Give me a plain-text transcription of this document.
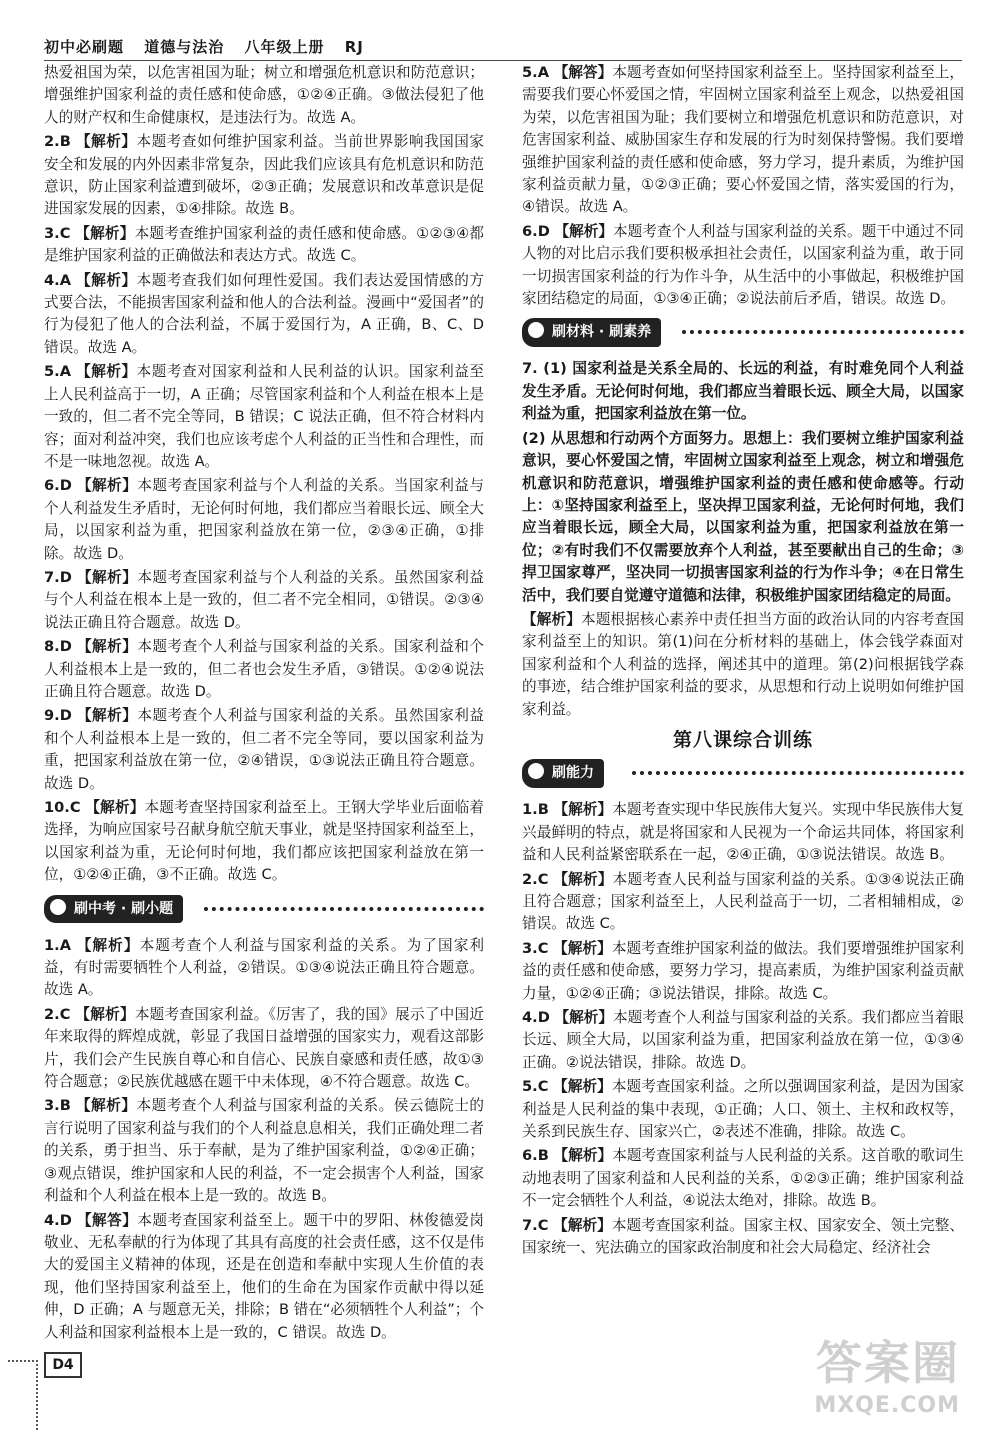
初中必刷题 道德与法治 八年级上册 RJ
热爱祖国为荣，以危害祖国为耻；树立和增强危机意识和防范意识；增强维护国家利益的责任感和使命感，①②④正确。③做法侵犯了他人的财产权和生命健康权，是违法行为。故选 A。
2.B 【解析】本题考查如何维护国家利益。当前世界影响我国国家安全和发展的内外因素非常复杂，因此我们应该具有危机意识和防范意识，防止国家利益遭到破坏，②③正确；发展意识和改革意识是促进国家发展的因素，①④排除。故选 B。
3.C 【解析】本题考查维护国家利益的责任感和使命感。①②③④都是维护国家利益的正确做法和表达方式。故选 C。
4.A 【解析】本题考查我们如何理性爱国。我们表达爱国情感的方式要合法，不能损害国家利益和他人的合法利益。漫画中“爱国者”的行为侵犯了他人的合法利益，不属于爱国行为，A 正确，B、C、D 错误。故选 A。
5.A 【解析】本题考查对国家利益和人民利益的认识。国家利益至上人民利益高于一切，A 正确；尽管国家利益和个人利益在根本上是一致的，但二者不完全等同，B 错误；C 说法正确，但不符合材料内容；面对利益冲突，我们也应该考虑个人利益的正当性和合理性，而不是一味地忽视。故选 A。
6.D 【解析】本题考查国家利益与个人利益的关系。当国家利益与个人利益发生矛盾时，无论何时何地，我们都应当着眼长远、顾全大局，以国家利益为重，把国家利益放在第一位，②③④正确，①排除。故选 D。
7.D 【解析】本题考查国家利益与个人利益的关系。虽然国家利益与个人利益在根本上是一致的，但二者不完全相同，①错误。②③④说法正确且符合题意。故选 D。
8.D 【解析】本题考查个人利益与国家利益的关系。国家利益和个人利益根本上是一致的，但二者也会发生矛盾，③错误。①②④说法正确且符合题意。故选 D。
9.D 【解析】本题考查个人利益与国家利益的关系。虽然国家利益和个人利益根本上是一致的，但二者不完全等同，要以国家利益为重，把国家利益放在第一位，②④错误，①③说法正确且符合题意。故选 D。
10.C 【解析】本题考查坚持国家利益至上。王钢大学毕业后面临着选择，为响应国家号召献身航空航天事业，就是坚持国家利益至上，以国家利益为重，无论何时何地，我们都应该把国家利益放在第一位，①②④正确，③不正确。故选 C。
刷中考 · 刷小题
1.A 【解析】本题考查个人利益与国家利益的关系。为了国家利益，有时需要牺牲个人利益，②错误。①③④说法正确且符合题意。故选 A。
2.C 【解析】本题考查国家利益。《厉害了，我的国》展示了中国近年来取得的辉煌成就，彰显了我国日益增强的国家实力，观看这部影片，我们会产生民族自尊心和自信心、民族自豪感和责任感，故①③符合题意；②民族优越感在题干中未体现，④不符合题意。故选 C。
3.B 【解析】本题考查个人利益与国家利益的关系。侯云德院士的言行说明了国家利益与我们的个人利益息息相关，我们正确处理二者的关系，勇于担当、乐于奉献，是为了维护国家利益，①②④正确；③观点错误，维护国家和人民的利益，不一定会损害个人利益，国家利益和个人利益在根本上是一致的。故选 B。
4.D 【解答】本题考查国家利益至上。题干中的罗阳、林俊德爱岗敬业、无私奉献的行为体现了其具有高度的社会责任感，这不仅是伟大的爱国主义精神的体现，还是在创造和奉献中实现人生价值的表现，他们坚持国家利益至上，他们的生命在为国家作贡献中得以延伸，D 正确；A 与题意无关，排除；B 错在“必须牺牲个人利益”；个人利益和国家利益根本上是一致的，C 错误。故选 D。
5.A 【解答】本题考查如何坚持国家利益至上。坚持国家利益至上，需要我们要心怀爱国之情，牢固树立国家利益至上观念，以热爱祖国为荣，以危害祖国为耻；我们要树立和增强危机意识和防范意识，对危害国家利益、威胁国家生存和发展的行为时刻保持警惕。我们要增强维护国家利益的责任感和使命感，努力学习，提升素质，为维护国家利益贡献力量，①②③正确；要心怀爱国之情，落实爱国的行为，④错误。故选 A。
6.D 【解析】本题考查个人利益与国家利益的关系。题干中通过不同人物的对比启示我们要积极承担社会责任，以国家利益为重，敢于同一切损害国家利益的行为作斗争，从生活中的小事做起，积极维护国家团结稳定的局面，①③④正确；②说法前后矛盾，错误。故选 D。
刷材料 · 刷素养
7. (1) 国家利益是关系全局的、长远的利益，有时难免同个人利益发生矛盾。无论何时何地，我们都应当着眼长远、顾全大局，以国家利益为重，把国家利益放在第一位。
(2) 从思想和行动两个方面努力。思想上：我们要树立维护国家利益意识，要心怀爱国之情，牢固树立国家利益至上观念，树立和增强危机意识和防范意识，增强维护国家利益的责任感和使命感等。行动上：①坚持国家利益至上，坚决捍卫国家利益，无论何时何地，我们应当着眼长远，顾全大局，以国家利益为重，把国家利益放在第一位；②有时我们不仅需要放弃个人利益，甚至要献出自己的生命；③捍卫国家尊严，坚决同一切损害国家利益的行为作斗争；④在日常生活中，我们要自觉遵守道德和法律，积极维护国家团结稳定的局面。
【解析】本题根据核心素养中责任担当方面的政治认同的内容考查国家利益至上的知识。第(1)问在分析材料的基础上，体会钱学森面对国家利益和个人利益的选择，阐述其中的道理。第(2)问根据钱学森的事迹，结合维护国家利益的要求，从思想和行动上说明如何维护国家利益。
第八课综合训练
刷能力
1.B 【解析】本题考查实现中华民族伟大复兴。实现中华民族伟大复兴最鲜明的特点，就是将国家和人民视为一个命运共同体，将国家利益和人民利益紧密联系在一起，②④正确，①③说法错误。故选 B。
2.C 【解析】本题考查人民利益与国家利益的关系。①③④说法正确且符合题意；国家利益至上，人民利益高于一切，二者相辅相成，②错误。故选 C。
3.C 【解析】本题考查维护国家利益的做法。我们要增强维护国家利益的责任感和使命感，要努力学习，提高素质，为维护国家利益贡献力量，①②④正确；③说法错误，排除。故选 C。
4.D 【解析】本题考查个人利益与国家利益的关系。我们都应当着眼长远、顾全大局，以国家利益为重，把国家利益放在第一位，①③④正确。②说法错误，排除。故选 D。
5.C 【解析】本题考查国家利益。之所以强调国家利益，是因为国家利益是人民利益的集中表现，①正确；人口、领土、主权和政权等，关系到民族生存、国家兴亡，②表述不准确，排除。故选 C。
6.B 【解析】本题考查国家利益与人民利益的关系。这首歌的歌词生动地表明了国家利益和人民利益的关系，①②③正确；维护国家利益不一定会牺牲个人利益，④说法太绝对，排除。故选 B。
7.C 【解析】本题考查国家利益。国家主权、国家安全、领土完整、国家统一、宪法确立的国家政治制度和社会大局稳定、经济社会
D4	答案圈
MXQE.COM
